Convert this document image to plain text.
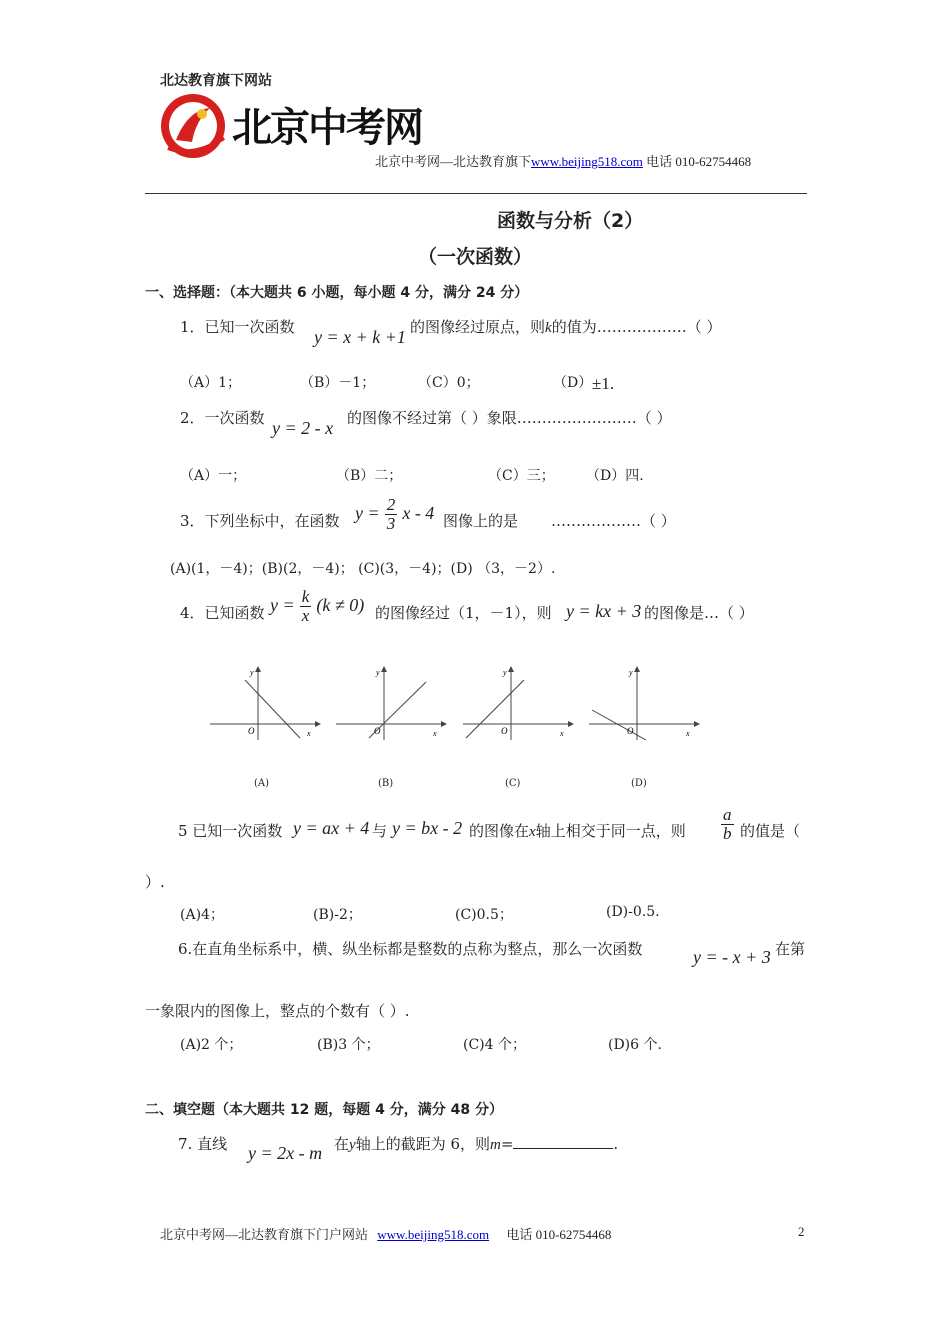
北达教育旗下网站
北京中考网
北京中考网—北达教育旗下www.beijing518.com 电话 010-62754468
函数与分析（2）
（一次函数）
一、选择题：（本大题共 6 小题，每小题 4 分，满分 24 分）
1．已知一次函数 y = x + k +1 的图像经过原点，则k的值为………………（ ）
（A）1；	（B）－1；	（C）0；	（D） ±1.
2．一次函数 y = 2 - x 的图像不经过第（ ）象限……………………（ ）
（A）一；	（B）二；	（C）三； （D）四.
3．下列坐标中，在函数 $y = \frac{2}{3}$ x - 4 图像上的是 ………………（ ）
(A)(1，－4)；(B)(2，－4)； (C)(3，－4)；(D) （3，－2）.
4．已知函数 $y = \frac{k}{x} (k \ne 0)$ 的图像经过（1，－1），则 y = kx + 3 的图像是…（ ）
y
x
O
(A)
y
x
O
(B)
y
x
O
(C)
y
x
O
(D)
5 已知一次函数 y = ax + 4 与 y = bx - 2 的图像在x轴上相交于同一点，则 $\frac{a}{b}$ 的值是（
）.
(A)4；	(B)-2；	(C)0.5；	(D)-0.5.
6.在直角坐标系中，横、纵坐标都是整数的点称为整点，那么一次函数	y = - x + 3 在第
一象限内的图像上，整点的个数有（ ）.
(A)2 个；	(B)3 个；	(C)4 个；	(D)6 个.
二、填空题（本大题共 12 题，每题 4 分，满分 48 分）
7. 直线 y = 2x - m 在y轴上的截距为 6，则m=	.
北京中考网—北达教育旗下门户网站 www.beijing518.com 电话 010-62754468	2
